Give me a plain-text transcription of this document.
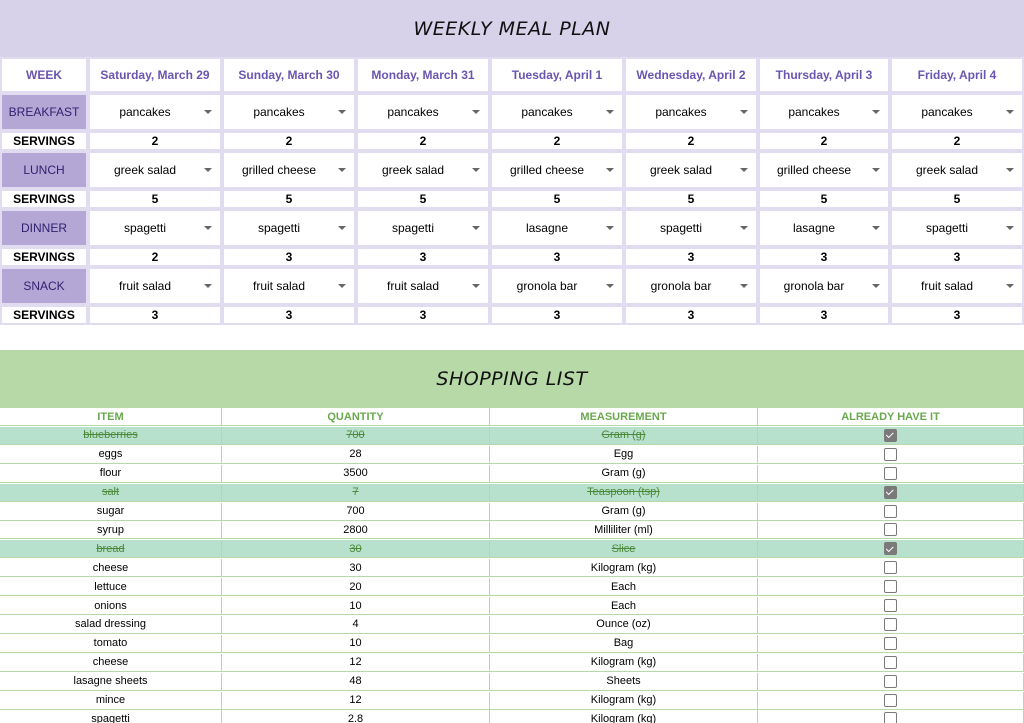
WEEKLY MEAL PLAN
WEEK	Saturday, March 29	Sunday, March 30	Monday, March 31	Tuesday, April 1	Wednesday, April 2	Thursday, April 3	Friday, April 4
BREAKFAST	pancakes	pancakes	pancakes	pancakes	pancakes	pancakes	pancakes
SERVINGS	2	2	2	2	2	2	2
LUNCH	greek salad	grilled cheese	greek salad	grilled cheese	greek salad	grilled cheese	greek salad
SERVINGS	5	5	5	5	5	5	5
DINNER	spagetti	spagetti	spagetti	lasagne	spagetti	lasagne	spagetti
SERVINGS	2	3	3	3	3	3	3
SNACK	fruit salad	fruit salad	fruit salad	gronola bar	gronola bar	gronola bar	fruit salad
SERVINGS	3	3	3	3	3	3	3
SHOPPING LIST
ITEM	QUANTITY	MEASUREMENT	ALREADY HAVE IT
blueberries	700	Gram (g)
eggs	28	Egg
flour	3500	Gram (g)
salt	7	Teaspoon (tsp)
sugar	700	Gram (g)
syrup	2800	Milliliter (ml)
bread	30	Slice
cheese	30	Kilogram (kg)
lettuce	20	Each
onions	10	Each
salad dressing	4	Ounce (oz)
tomato	10	Bag
cheese	12	Kilogram (kg)
lasagne sheets	48	Sheets
mince	12	Kilogram (kg)
spagetti	2.8	Kilogram (kg)
